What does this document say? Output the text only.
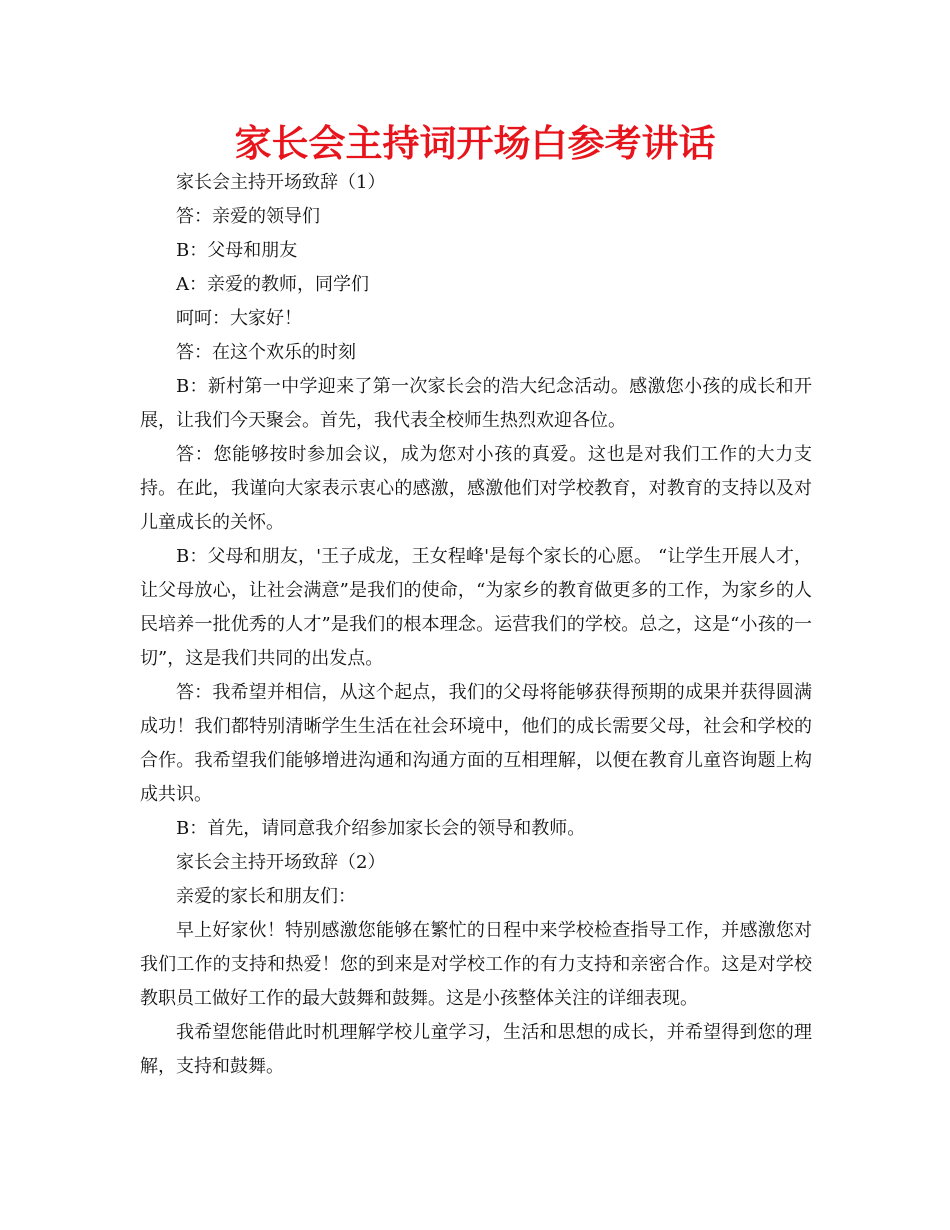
家长会主持词开场白参考讲话

家长会主持开场致辞（1）

答：亲爱的领导们

B：父母和朋友

A：亲爱的教师，同学们

呵呵：大家好！

答：在这个欢乐的时刻

B：新村第一中学迎来了第一次家长会的浩大纪念活动。感激您小孩的成长和开展，让我们今天聚会。首先，我代表全校师生热烈欢迎各位。

答：您能够按时参加会议，成为您对小孩的真爱。这也是对我们工作的大力支持。在此，我谨向大家表示衷心的感激，感激他们对学校教育，对教育的支持以及对儿童成长的关怀。

B：父母和朋友，'王子成龙，王女程峰'是每个家长的心愿。 “让学生开展人才，让父母放心，让社会满意”是我们的使命，“为家乡的教育做更多的工作，为家乡的人民培养一批优秀的人才”是我们的根本理念。运营我们的学校。总之，这是“小孩的一切”，这是我们共同的出发点。

答：我希望并相信，从这个起点，我们的父母将能够获得预期的成果并获得圆满成功！我们都特别清晰学生生活在社会环境中，他们的成长需要父母，社会和学校的合作。我希望我们能够增进沟通和沟通方面的互相理解，以便在教育儿童咨询题上构成共识。

B：首先，请同意我介绍参加家长会的领导和教师。

家长会主持开场致辞（2）

亲爱的家长和朋友们：

早上好家伙！特别感激您能够在繁忙的日程中来学校检查指导工作，并感激您对我们工作的支持和热爱！您的到来是对学校工作的有力支持和亲密合作。这是对学校教职员工做好工作的最大鼓舞和鼓舞。这是小孩整体关注的详细表现。

我希望您能借此时机理解学校儿童学习，生活和思想的成长，并希望得到您的理解，支持和鼓舞。
